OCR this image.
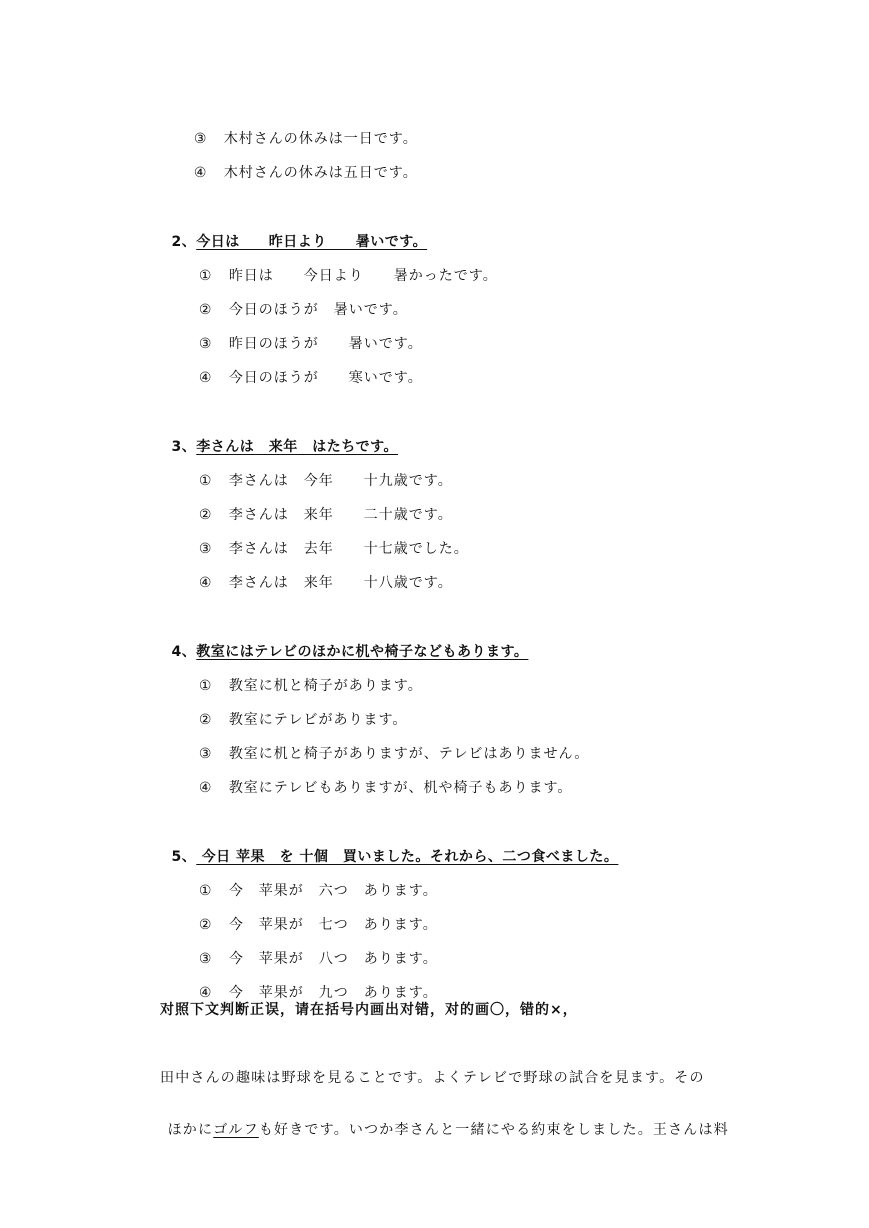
③ 木村さんの休みは一日です。

④ 木村さんの休みは五日です。

2、今日は　　昨日より　　暑いです。

① 昨日は　　今日より　　暑かったです。

② 今日のほうが　暑いです。

③ 昨日のほうが　　暑いです。

④ 今日のほうが　　寒いです。

3、李さんは　来年　はたちです。

① 李さんは　今年　　十九歳です。

② 李さんは　来年　　二十歳です。

③ 李さんは　去年　　十七歳でした。

④ 李さんは　来年　　十八歳です。

4、教室にはテレビのほかに机や椅子などもあります。

① 教室に机と椅子があります。

② 教室にテレビがあります。

③ 教室に机と椅子がありますが、テレビはありません。

④ 教室にテレビもありますが、机や椅子もあります。

5、 今日 苹果　を 十個　買いました。それから、二つ食べました。

① 今　苹果が　六つ　あります。

② 今　苹果が　七つ　あります。

③ 今　苹果が　八つ　あります。

④ 今　苹果が　九つ　あります。

对照下文判断正误，请在括号内画出对错，对的画〇，错的×，
田中さんの趣味は野球を見ることです。よくテレビで野球の試合を見ます。その

ほかにゴルフも好きです。いつか李さんと一緒にやる約束をしました。王さんは料
